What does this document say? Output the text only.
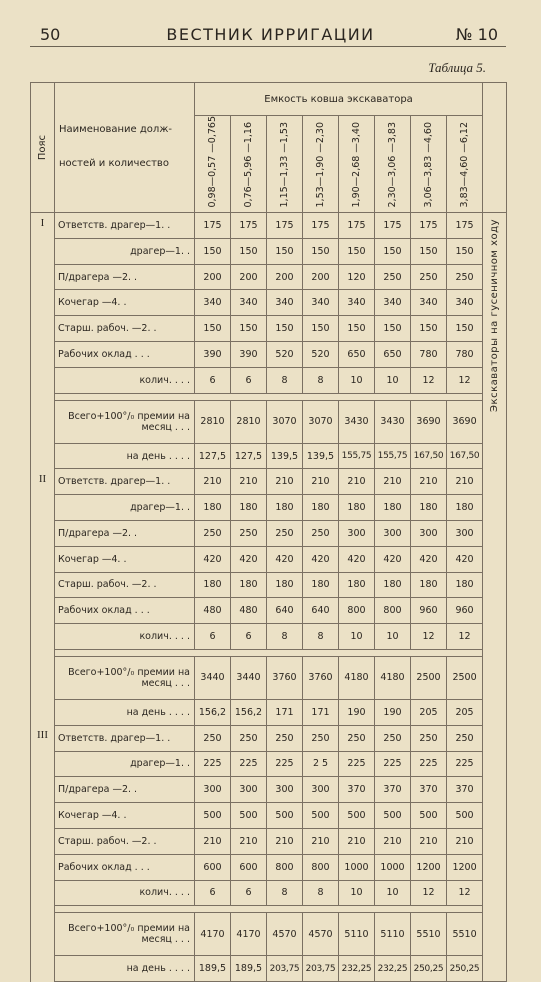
50	ВЕСТНИК ИРРИГАЦИИ	№ 10
Таблица 5.
Пояс	Наименование долж-
ностей и количество	Емкость ковша экскаватора								

		0,98—0,57 —0,765	0,76—5,96 —1,16	1,15—1,33 —1,53	1,53—1,90 —2,30	1,90—2,68 —3,40	2,30—3,06 —3,83	3,06—3,83 —4,60	3,83—4,60 —6,12	

I	Ответств. драгер—1. .	175	175	175	175	175	175	175	175	Экскаваторы на гусеничном ходу

	драгер—1. .	150	150	150	150	150	150	150	150	
	П/драгера —2. .	200	200	200	200	120	250	250	250	
	Кочегар —4. .	340	340	340	340	340	340	340	340	
	Старш. рабоч. —2. .	150	150	150	150	150	150	150	150	
	Рабочих оклад . . .	390	390	520	520	650	650	780	780	
	колич. . . .	6	6	8	8	10	10	12	12	

	Всего+100°/₀ премии на месяц . . .	2810	2810	3070	3070	3430	3430	3690	3690	
	на день . . . .	127,5	127,5	139,5	139,5	155,75	155,75	167,50	167,50	
II	Ответств. драгер—1. .	210	210	210	210	210	210	210	210	
	драгер—1. .	180	180	180	180	180	180	180	180	
	П/драгера —2. .	250	250	250	250	300	300	300	300	
	Кочегар —4. .	420	420	420	420	420	420	420	420	
	Старш. рабоч. —2. .	180	180	180	180	180	180	180	180	
	Рабочих оклад . . .	480	480	640	640	800	800	960	960	
	колич. . . .	6	6	8	8	10	10	12	12	

	Всего+100°/₀ премии на месяц . . .	3440	3440	3760	3760	4180	4180	2500	2500	
	на день . . . .	156,2	156,2	171	171	190	190	205	205	
III	Ответств. драгер—1. .	250	250	250	250	250	250	250	250	
	драгер—1. .	225	225	225	2 5	225	225	225	225	
	П/драгера —2. .	300	300	300	300	370	370	370	370	
	Кочегар —4. .	500	500	500	500	500	500	500	500	
	Старш. рабоч. —2. .	210	210	210	210	210	210	210	210	
	Рабочих оклад . . .	600	600	800	800	1000	1000	1200	1200	
	колич. . . .	6	6	8	8	10	10	12	12	

	Всего+100°/₀ премии на месяц . . .	4170	4170	4570	4570	5110	5110	5510	5510	
	на день . . . .	189,5	189,5	203,75	203,75	232,25	232,25	250,25	250,25	
